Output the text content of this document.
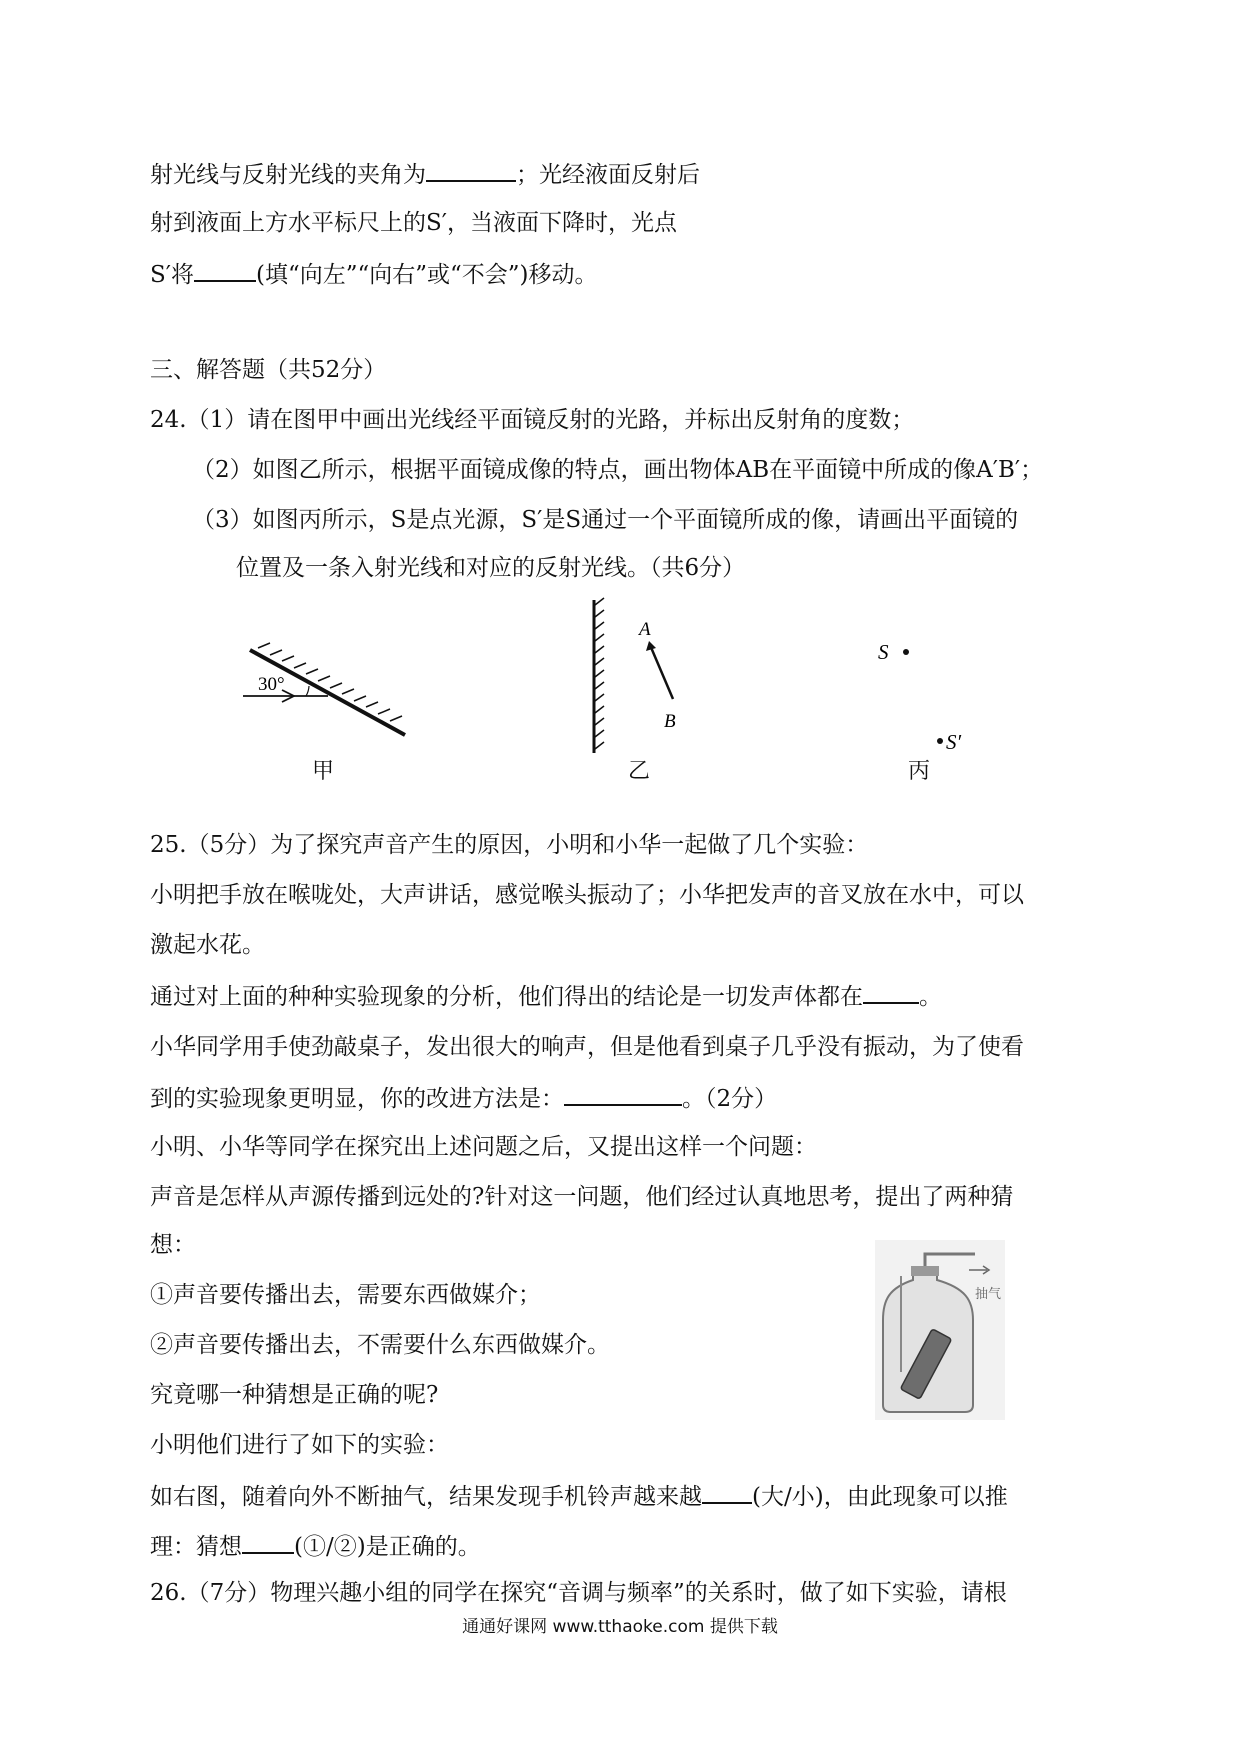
射光线与反射光线的夹角为	；光经液面反射后
射到液面上方水平标尺上的S′，当液面下降时，光点
S′将	(填“向左”“向右”或“不会”)移动。
三、解答题（共52分）
24.（1）请在图甲中画出光线经平面镜反射的光路，并标出反射角的度数；
（2）如图乙所示，根据平面镜成像的特点，画出物体AB在平面镜中所成的像A′B′；
（3）如图丙所示，S是点光源，S′是S通过一个平面镜所成的像，请画出平面镜的
位置及一条入射光线和对应的反射光线。（共6分）
30°
甲
A
B
乙
S
S′
丙
25.（5分）为了探究声音产生的原因，小明和小华一起做了几个实验：
小明把手放在喉咙处，大声讲话，感觉喉头振动了；小华把发声的音叉放在水中，可以
激起水花。
通过对上面的种种实验现象的分析，他们得出的结论是一切发声体都在 。
小华同学用手使劲敲桌子，发出很大的响声，但是他看到桌子几乎没有振动，为了使看
到的实验现象更明显，你的改进方法是：	。（2分）
小明、小华等同学在探究出上述问题之后，又提出这样一个问题：
声音是怎样从声源传播到远处的?针对这一问题，他们经过认真地思考，提出了两种猜
想：
①声音要传播出去，需要东西做媒介；
②声音要传播出去，不需要什么东西做媒介。
究竟哪一种猜想是正确的呢?
小明他们进行了如下的实验：
如右图，随着向外不断抽气，结果发现手机铃声越来越 (大/小)，由此现象可以推
理：猜想 (①/②)是正确的。
抽气
26.（7分）物理兴趣小组的同学在探究“音调与频率”的关系时，做了如下实验，请根
通通好课网 www.tthaoke.com 提供下载
